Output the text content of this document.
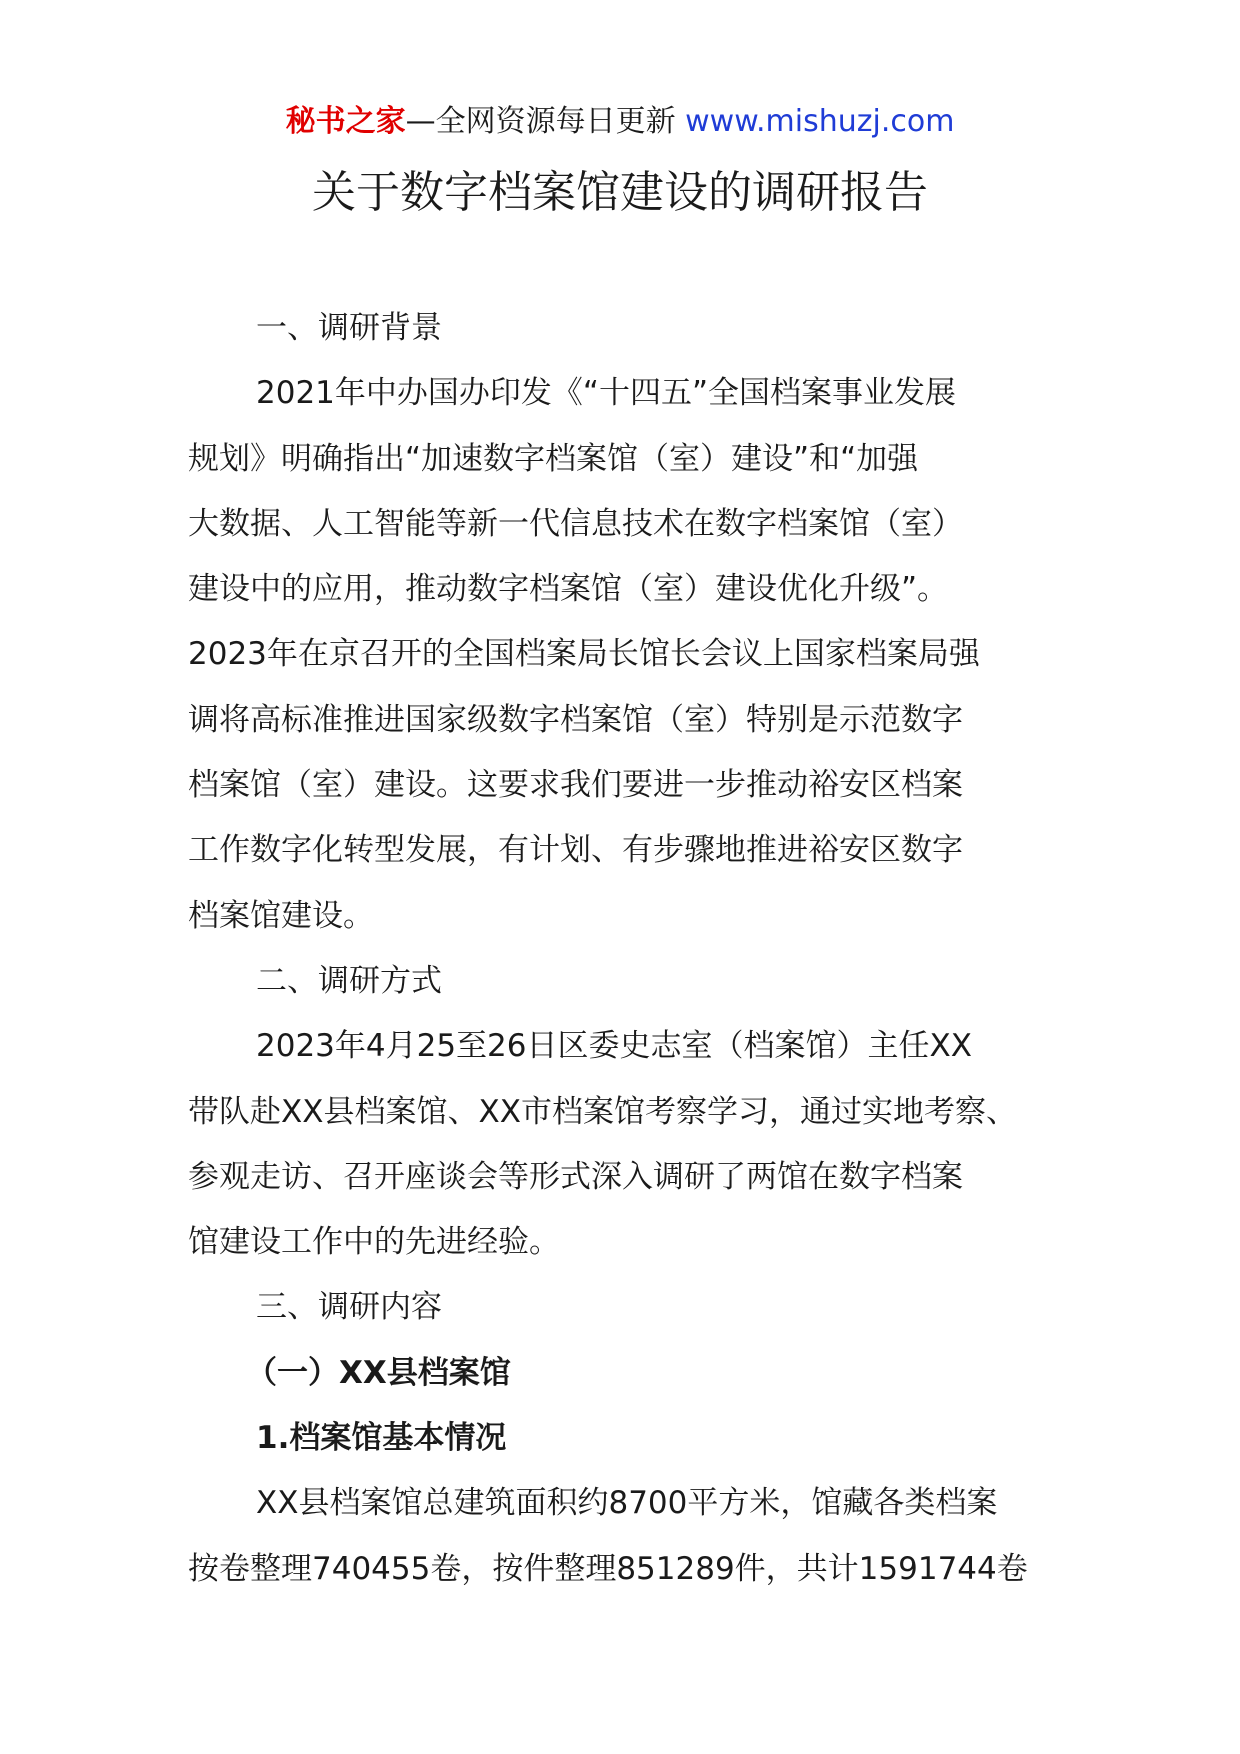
秘书之家—全网资源每日更新 www.mishuzj.com
关于数字档案馆建设的调研报告
一、调研背景
2021年中办国办印发《“十四五”全国档案事业发展
规划》明确指出“加速数字档案馆（室）建设”和“加强
大数据、人工智能等新一代信息技术在数字档案馆（室）
建设中的应用，推动数字档案馆（室）建设优化升级”。
2023年在京召开的全国档案局长馆长会议上国家档案局强
调将高标准推进国家级数字档案馆（室）特别是示范数字
档案馆（室）建设。这要求我们要进一步推动裕安区档案
工作数字化转型发展，有计划、有步骤地推进裕安区数字
档案馆建设。
二、调研方式
2023年4月25至26日区委史志室（档案馆）主任XX
带队赴XX县档案馆、XX市档案馆考察学习，通过实地考察、
参观走访、召开座谈会等形式深入调研了两馆在数字档案
馆建设工作中的先进经验。
三、调研内容
（一）XX县档案馆
1.档案馆基本情况
XX县档案馆总建筑面积约8700平方米，馆藏各类档案
按卷整理740455卷，按件整理851289件，共计1591744卷
